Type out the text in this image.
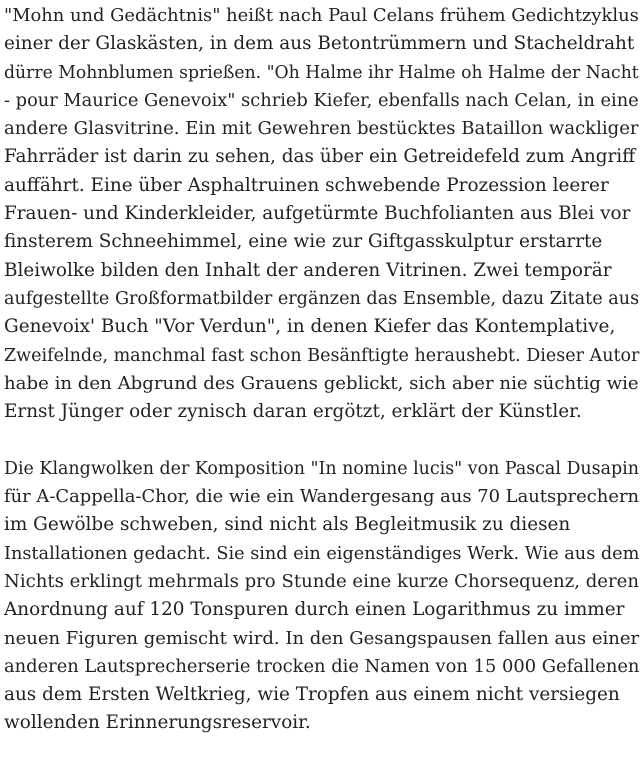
"Mohn und Gedächtnis" heißt nach Paul Celans frühem Gedichtzyklus
einer der Glaskästen, in dem aus Betontrümmern und Stacheldraht
dürre Mohnblumen sprießen. "Oh Halme ihr Halme oh Halme der Nacht
- pour Maurice Genevoix" schrieb Kiefer, ebenfalls nach Celan, in eine
andere Glasvitrine. Ein mit Gewehren bestücktes Bataillon wackliger
Fahrräder ist darin zu sehen, das über ein Getreidefeld zum Angriff
auffährt. Eine über Asphaltruinen schwebende Prozession leerer
Frauen- und Kinderkleider, aufgetürmte Buchfolianten aus Blei vor
finsterem Schneehimmel, eine wie zur Giftgasskulptur erstarrte
Bleiwolke bilden den Inhalt der anderen Vitrinen. Zwei temporär
aufgestellte Großformatbilder ergänzen das Ensemble, dazu Zitate aus
Genevoix' Buch "Vor Verdun", in denen Kiefer das Kontemplative,
Zweifelnde, manchmal fast schon Besänftigte heraushebt. Dieser Autor
habe in den Abgrund des Grauens geblickt, sich aber nie süchtig wie
Ernst Jünger oder zynisch daran ergötzt, erklärt der Künstler.

Die Klangwolken der Komposition "In nomine lucis" von Pascal Dusapin
für A-Cappella-Chor, die wie ein Wandergesang aus 70 Lautsprechern
im Gewölbe schweben, sind nicht als Begleitmusik zu diesen
Installationen gedacht. Sie sind ein eigenständiges Werk. Wie aus dem
Nichts erklingt mehrmals pro Stunde eine kurze Chorsequenz, deren
Anordnung auf 120 Tonspuren durch einen Logarithmus zu immer
neuen Figuren gemischt wird. In den Gesangspausen fallen aus einer
anderen Lautsprecherserie trocken die Namen von 15 000 Gefallenen
aus dem Ersten Weltkrieg, wie Tropfen aus einem nicht versiegen
wollenden Erinnerungsreservoir.
